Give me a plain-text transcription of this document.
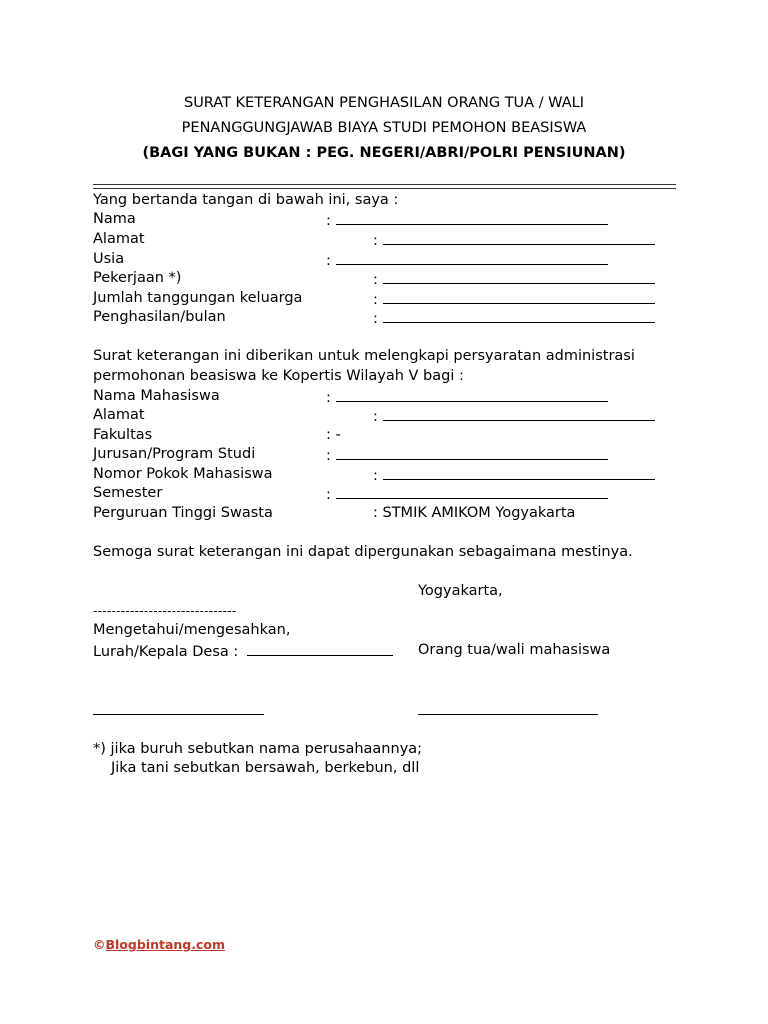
SURAT KETERANGAN PENGHASILAN ORANG TUA / WALI
PENANGGUNGJAWAB BIAYA STUDI PEMOHON BEASISWA
(BAGI YANG BUKAN : PEG. NEGERI/ABRI/POLRI PENSIUNAN)
Yang bertanda tangan di bawah ini, saya :
Nama	:
Alamat	:
Usia	:
Pekerjaan *)	:
Jumlah tanggungan keluarga	:
Penghasilan/bulan	:
Surat keterangan ini diberikan untuk melengkapi persyaratan administrasi
permohonan beasiswa ke Kopertis Wilayah V bagi :
Nama Mahasiswa	:
Alamat	:
Fakultas	: -
Jurusan/Program Studi	:
Nomor Pokok Mahasiswa	:
Semester	:
Perguruan Tinggi Swasta	: STMIK AMIKOM Yogyakarta
Semoga surat keterangan ini dapat dipergunakan sebagaimana mestinya.
Yogyakarta,
-------------------------------
Mengetahui/mengesahkan,
Lurah/Kepala Desa :	Orang tua/wali mahasiswa
*) jika buruh sebutkan nama perusahaannya;
Jika tani sebutkan bersawah, berkebun, dll
©Blogbintang.com
